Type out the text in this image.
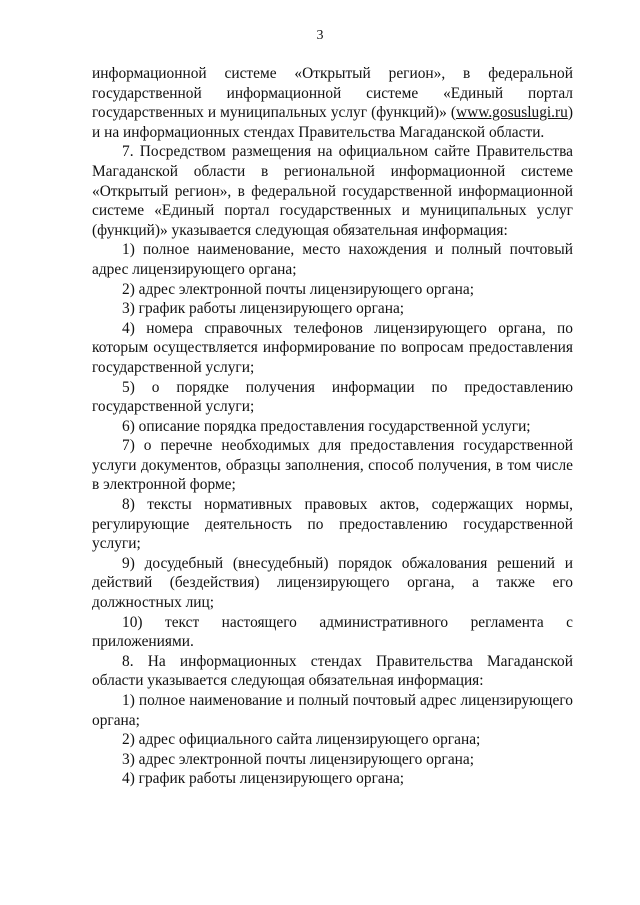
3

информационной системе «Открытый регион», в федеральной государственной информационной системе «Единый портал государственных и муниципальных услуг (функций)» (www.gosuslugi.ru) и на информационных стендах Правительства Магаданской области.

7. Посредством размещения на официальном сайте Правительства Магаданской области в региональной информационной системе «Открытый регион», в федеральной государственной информационной системе «Единый портал государственных и муниципальных услуг (функций)» указывается следующая обязательная информация:

1) полное наименование, место нахождения и полный почтовый адрес лицензирующего органа;

2) адрес электронной почты лицензирующего органа;

3) график работы лицензирующего органа;

4) номера справочных телефонов лицензирующего органа, по которым осуществляется информирование по вопросам предоставления государственной услуги;

5) о порядке получения информации по предоставлению государственной услуги;

6) описание порядка предоставления государственной услуги;

7) о перечне необходимых для предоставления государственной услуги документов, образцы заполнения, способ получения, в том числе в электронной форме;

8) тексты нормативных правовых актов, содержащих нормы, регулирующие деятельность по предоставлению государственной услуги;

9) досудебный (внесудебный) порядок обжалования решений и действий (бездействия) лицензирующего органа, а также его должностных лиц;

10) текст настоящего административного регламента с приложениями.

8. На информационных стендах Правительства Магаданской области указывается следующая обязательная информация:

1) полное наименование и полный почтовый адрес лицензирующего органа;

2) адрес официального сайта лицензирующего органа;

3) адрес электронной почты лицензирующего органа;

4) график работы лицензирующего органа;
